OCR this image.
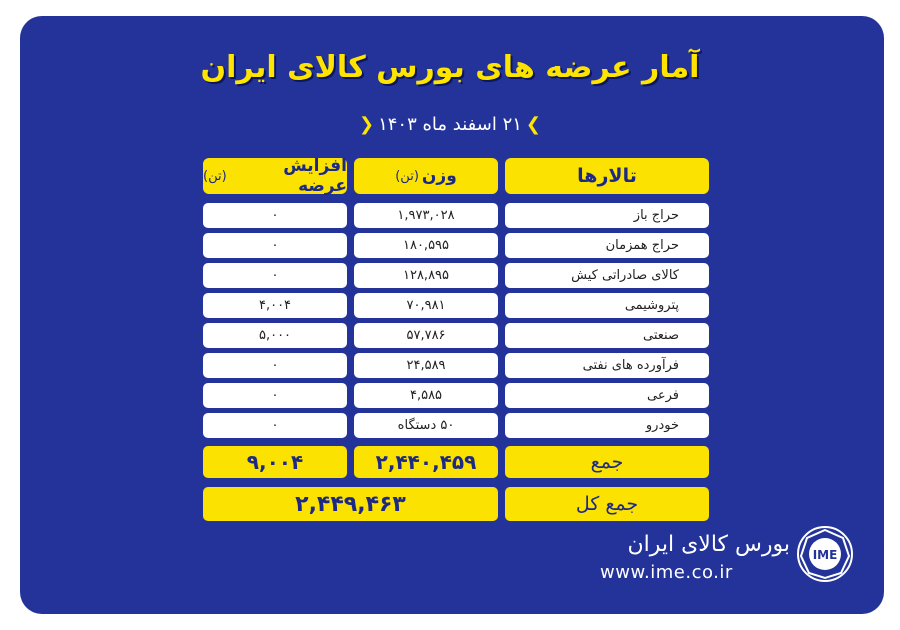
آمار عرضه های بورس کالای ایران
❯۲۱ اسفند ماه ۱۴۰۳❮
تالارها
وزن
(تن)
افزایش عرضه
(تن)
حراج باز
۱,۹۷۳,۰۲۸
۰
حراج همزمان
۱۸۰,۵۹۵
۰
کالای صادراتی کیش
۱۲۸,۸۹۵
۰
پتروشیمی
۷۰,۹۸۱
۴,۰۰۴
صنعتی
۵۷,۷۸۶
۵,۰۰۰
فرآورده های نفتی
۲۴,۵۸۹
۰
فرعی
۴,۵۸۵
۰
خودرو
۵۰ دستگاه
۰
جمع
۲,۴۴۰,۴۵۹
۹,۰۰۴
جمع کل
۲,۴۴۹,۴۶۳
بورس کالای ایران
www.ime.co.ir
IME
